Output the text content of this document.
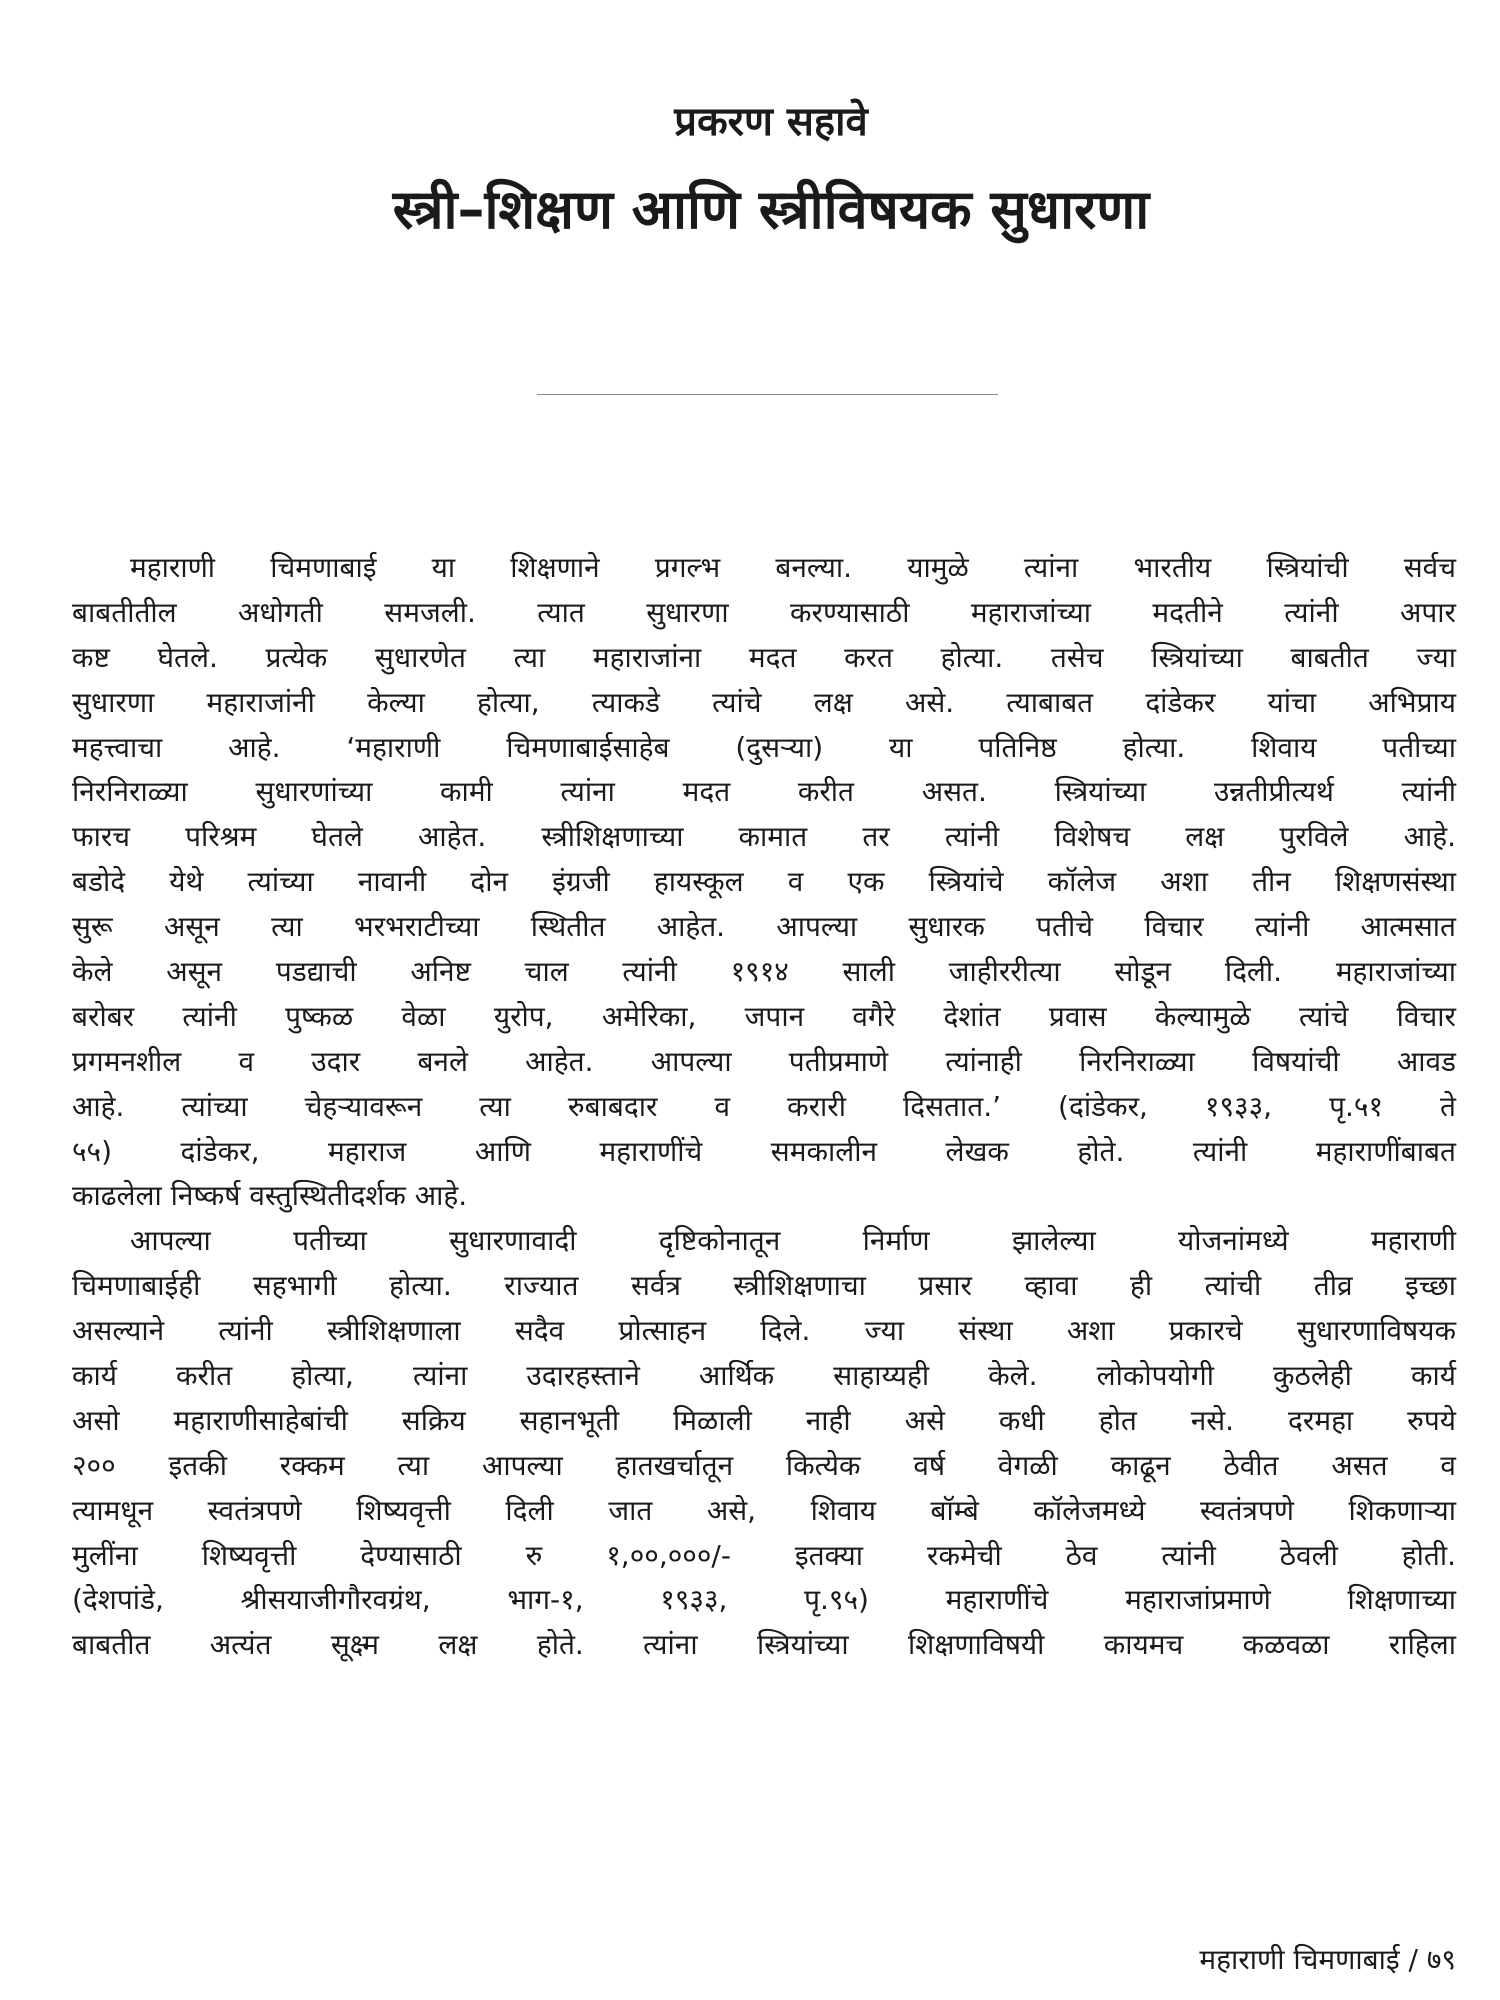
प्रकरण सहावे
स्त्री–शिक्षण आणि स्त्रीविषयक सुधारणा
महाराणी चिमणाबाई या शिक्षणाने प्रगल्भ बनल्या. यामुळे त्यांना भारतीय स्त्रियांची सर्वच
बाबतीतील अधोगती समजली. त्यात सुधारणा करण्यासाठी महाराजांच्या मदतीने त्यांनी अपार
कष्ट घेतले. प्रत्येक सुधारणेत त्या महाराजांना मदत करत होत्या. तसेच स्त्रियांच्या बाबतीत ज्या
सुधारणा महाराजांनी केल्या होत्या, त्याकडे त्यांचे लक्ष असे. त्याबाबत दांडेकर यांचा अभिप्राय
महत्त्वाचा आहे. ‘महाराणी चिमणाबाईसाहेब (दुसऱ्या) या पतिनिष्ठ होत्या. शिवाय पतीच्या
निरनिराळ्या सुधारणांच्या कामी त्यांना मदत करीत असत. स्त्रियांच्या उन्नतीप्रीत्यर्थ त्यांनी
फारच परिश्रम घेतले आहेत. स्त्रीशिक्षणाच्या कामात तर त्यांनी विशेषच लक्ष पुरविले आहे.
बडोदे येथे त्यांच्या नावानी दोन इंग्रजी हायस्कूल व एक स्त्रियांचे कॉलेज अशा तीन शिक्षणसंस्था
सुरू असून त्या भरभराटीच्या स्थितीत आहेत. आपल्या सुधारक पतीचे विचार त्यांनी आत्मसात
केले असून पडद्याची अनिष्ट चाल त्यांनी १९१४ साली जाहीररीत्या सोडून दिली. महाराजांच्या
बरोबर त्यांनी पुष्कळ वेळा युरोप, अमेरिका, जपान वगैरे देशांत प्रवास केल्यामुळे त्यांचे विचार
प्रगमनशील व उदार बनले आहेत. आपल्या पतीप्रमाणे त्यांनाही निरनिराळ्या विषयांची आवड
आहे. त्यांच्या चेहऱ्यावरून त्या रुबाबदार व करारी दिसतात.’ (दांडेकर, १९३३, पृ.५१ ते
५५) दांडेकर, महाराज आणि महाराणींचे समकालीन लेखक होते. त्यांनी महाराणींबाबत
काढलेला निष्कर्ष वस्तुस्थितीदर्शक आहे.
आपल्या पतीच्या सुधारणावादी दृष्टिकोनातून निर्माण झालेल्या योजनांमध्ये महाराणी
चिमणाबाईही सहभागी होत्या. राज्यात सर्वत्र स्त्रीशिक्षणाचा प्रसार व्हावा ही त्यांची तीव्र इच्छा
असल्याने त्यांनी स्त्रीशिक्षणाला सदैव प्रोत्साहन दिले. ज्या संस्था अशा प्रकारचे सुधारणाविषयक
कार्य करीत होत्या, त्यांना उदारहस्ताने आर्थिक साहाय्यही केले. लोकोपयोगी कुठलेही कार्य
असो महाराणीसाहेबांची सक्रिय सहानभूती मिळाली नाही असे कधी होत नसे. दरमहा रुपये
२०० इतकी रक्कम त्या आपल्या हातखर्चातून कित्येक वर्ष वेगळी काढून ठेवीत असत व
त्यामधून स्वतंत्रपणे शिष्यवृत्ती दिली जात असे, शिवाय बॉम्बे कॉलेजमध्ये स्वतंत्रपणे शिकणाऱ्या
मुलींना शिष्यवृत्ती देण्यासाठी रु १,००,०००/- इतक्या रकमेची ठेव त्यांनी ठेवली होती.
(देशपांडे, श्रीसयाजीगौरवग्रंथ, भाग-१, १९३३, पृ.९५) महाराणींचे महाराजांप्रमाणे शिक्षणाच्या
बाबतीत अत्यंत सूक्ष्म लक्ष होते. त्यांना स्त्रियांच्या शिक्षणाविषयी कायमच कळवळा राहिला
महाराणी चिमणाबाई / ७९
